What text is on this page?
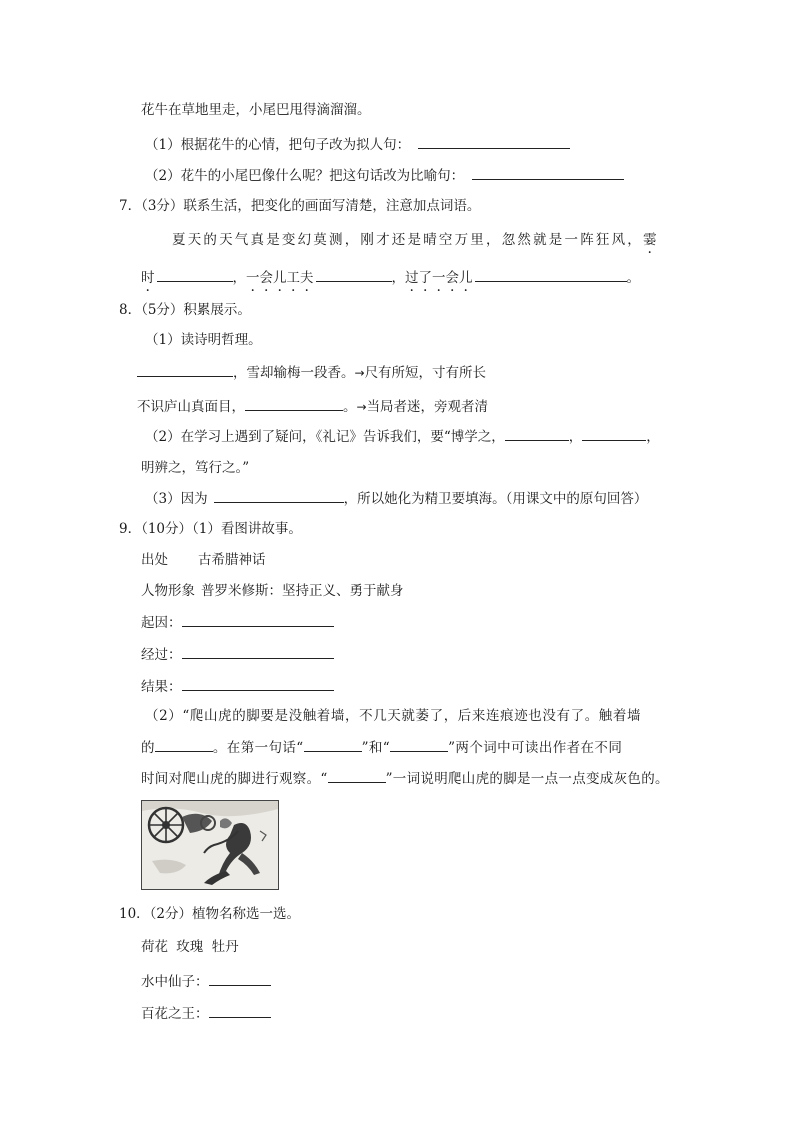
花牛在草地里走，小尾巴甩得滴溜溜。
（1）根据花牛的心情，把句子改为拟人句：
（2）花牛的小尾巴像什么呢？把这句话改为比喻句：
7．（3分）联系生活，把变化的画面写清楚，注意加点词语。
夏天的天气真是变幻莫测，刚才还是晴空万里，忽然就是一阵狂风，霎
时	，一会儿工夫	，过了一会儿	。
8．（5分）积累展示。
（1）读诗明哲理。
，雪却输梅一段香。→尺有所短，寸有所长
不识庐山真面目，	。→当局者迷，旁观者清
（2）在学习上遇到了疑问，《礼记》告诉我们，要“博学之，	，	，
明辨之，笃行之。”
（3）因为	，所以她化为精卫要填海。（用课文中的原句回答）
9．（10分）（1）看图讲故事。
出处 古希腊神话
人物形象 普罗米修斯：坚持正义、勇于献身
起因：
经过：
结果：
（2）“爬山虎的脚要是没触着墙，不几天就萎了，后来连痕迹也没有了。触着墙
的	。在第一句话“	”和“	”两个词中可读出作者在不同
时间对爬山虎的脚进行观察。“	”一词说明爬山虎的脚是一点一点变成灰色的。
10．（2分）植物名称选一选。
荷花 玫瑰 牡丹
水中仙子：
百花之王：
